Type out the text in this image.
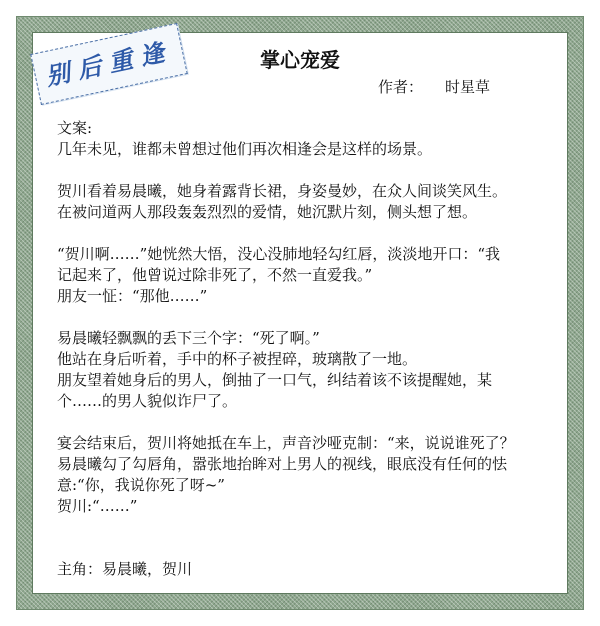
别后重逢	掌心宠爱
作者： 时星草

文案:

几年未见，谁都未曾想过他们再次相逢会是这样的场景。

贺川看着易晨曦，她身着露背长裙，身姿曼妙，在众人间谈笑风生。

在被问道两人那段轰轰烈烈的爱情，她沉默片刻，侧头想了想。

“贺川啊……”她恍然大悟，没心没肺地轻勾红唇，淡淡地开口：“我

记起来了，他曾说过除非死了，不然一直爱我。”

朋友一怔：“那他……”

易晨曦轻飘飘的丢下三个字：“死了啊。”

他站在身后听着，手中的杯子被捏碎，玻璃散了一地。

朋友望着她身后的男人，倒抽了一口气，纠结着该不该提醒她，某

个……的男人貌似诈尸了。

宴会结束后，贺川将她抵在车上，声音沙哑克制：“来，说说谁死了？

易晨曦勾了勾唇角，嚣张地抬眸对上男人的视线，眼底没有任何的怯

意:“你，我说你死了呀~”

贺川:“……”

主角：易晨曦，贺川
